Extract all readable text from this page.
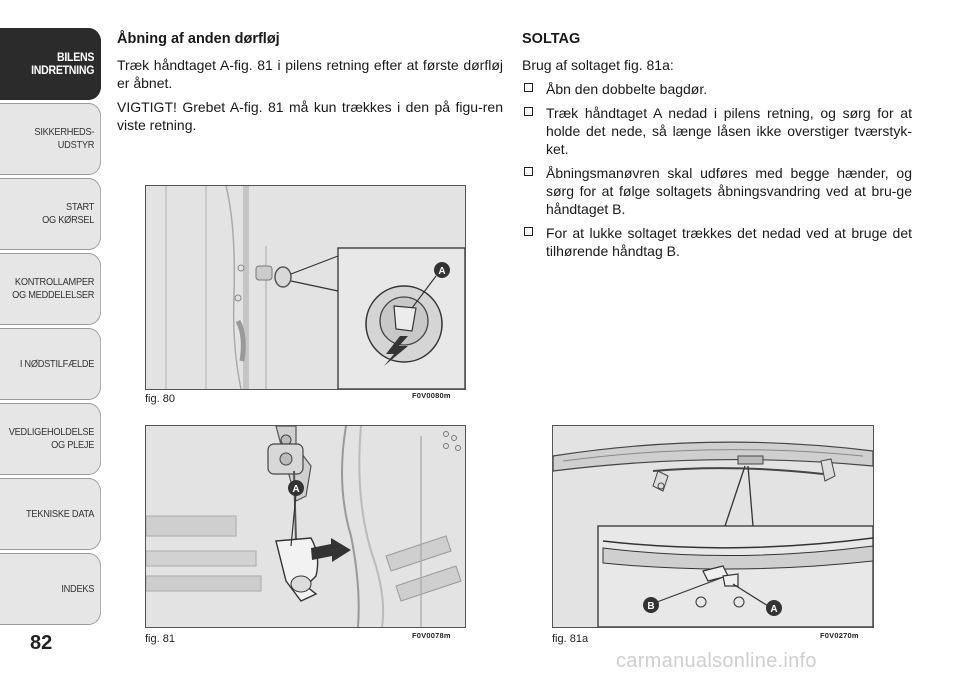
BILENS
INDRETNING
SIKKERHEDS-
UDSTYR
START
OG KØRSEL
KONTROLLAMPER
OG MEDDELELSER
I NØDSTILFÆLDE
VEDLIGEHOLDELSE
OG PLEJE
TEKNISKE DATA
INDEKS
82

Åbning af anden dørfløj

Træk håndtaget A-fig. 81 i pilens retning efter at første dørfløj er åbnet.

VIGTIGT! Grebet A-fig. 81 må kun trækkes i den på figu-ren viste retning.

SOLTAG

Brug af soltaget fig. 81a:

Åbn den dobbelte bagdør.
Træk håndtaget A nedad i pilens retning, og sørg for at holde det nede, så længe låsen ikke overstiger tværstyk-ket.
Åbningsmanøvren skal udføres med begge hænder, og sørg for at følge soltagets åbningsvandring ved at bru-ge håndtaget B.
For at lukke soltaget trækkes det nedad ved at bruge det tilhørende håndtag B.
A
fig. 80	F0V0080m
A
fig. 81	F0V0078m
B	A
fig. 81a	F0V0270m
carmanualsonline.info
